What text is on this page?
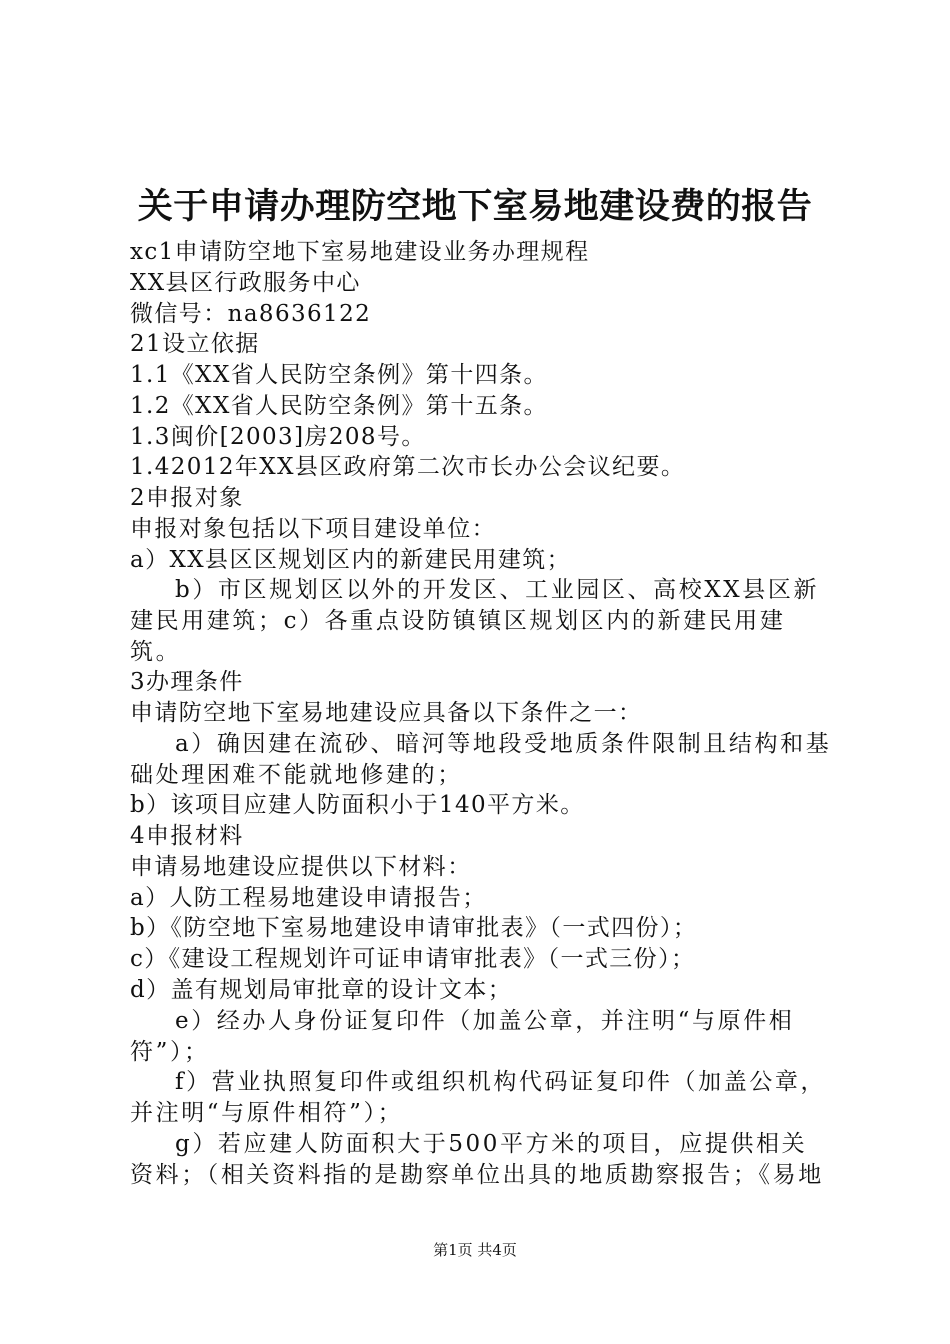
关于申请办理防空地下室易地建设费的报告
xc1申请防空地下室易地建设业务办理规程
XX县区行政服务中心
微信号：na8636122
21设立依据
1.1《XX省人民防空条例》第十四条。
1.2《XX省人民防空条例》第十五条。
1.3闽价[2003]房208号。
1.42012年XX县区政府第二次市长办公会议纪要。
2申报对象
申报对象包括以下项目建设单位：
a）XX县区区规划区内的新建民用建筑；
b）市区规划区以外的开发区、工业园区、高校XX县区新建民用建筑；c）各重点设防镇镇区规划区内的新建民用建筑。
3办理条件
申请防空地下室易地建设应具备以下条件之一：
a）确因建在流砂、暗河等地段受地质条件限制且结构和基础处理困难不能就地修建的；
b）该项目应建人防面积小于140平方米。
4申报材料
申请易地建设应提供以下材料：
a）人防工程易地建设申请报告；
b）《防空地下室易地建设申请审批表》（一式四份）；
c）《建设工程规划许可证申请审批表》（一式三份）；
d）盖有规划局审批章的设计文本；
e）经办人身份证复印件（加盖公章，并注明“与原件相符”）；
f）营业执照复印件或组织机构代码证复印件（加盖公章，并注明“与原件相符”）；
g）若应建人防面积大于500平方米的项目，应提供相关资料；（相关资料指的是勘察单位出具的地质勘察报告；《易地
第1页 共4页
